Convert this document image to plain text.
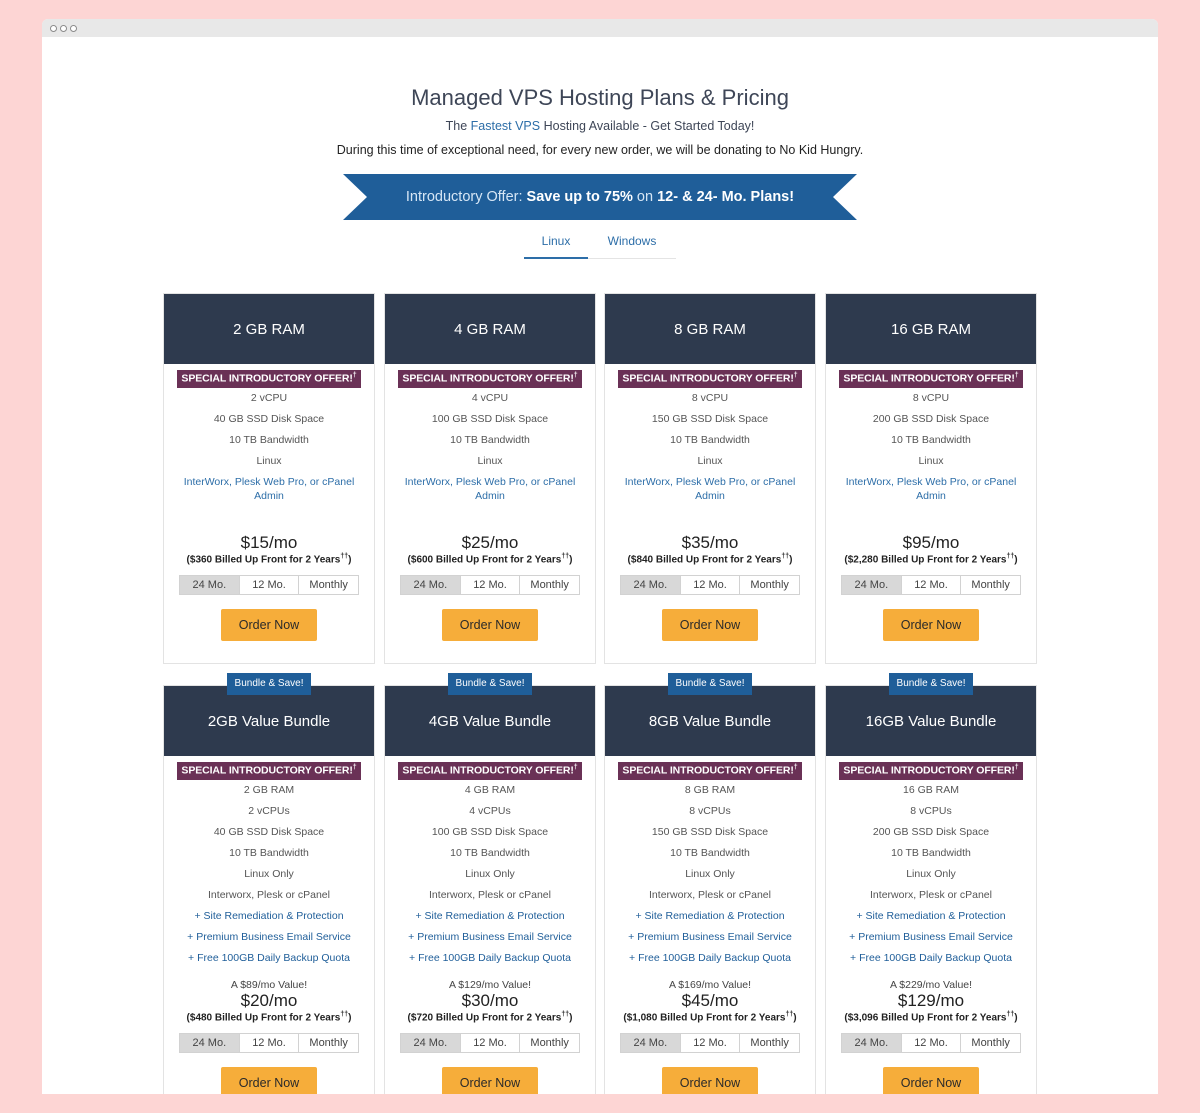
Managed VPS Hosting Plans & Pricing
The Fastest VPS Hosting Available - Get Started Today!
During this time of exceptional need, for every new order, we will be donating to No Kid Hungry.
Introductory Offer: Save up to 75% on 12- & 24- Mo. Plans!
Linux	Windows
2 GB RAM
SPECIAL INTRODUCTORY OFFER!†
2 vCPU
40 GB SSD Disk Space
10 TB Bandwidth
Linux
InterWorx, Plesk Web Pro, or cPanel Admin
$15/mo
($360 Billed Up Front for 2 Years††)
24 Mo.	12 Mo.	Monthly
Order Now
4 GB RAM
SPECIAL INTRODUCTORY OFFER!†
4 vCPU
100 GB SSD Disk Space
10 TB Bandwidth
Linux
InterWorx, Plesk Web Pro, or cPanel Admin
$25/mo
($600 Billed Up Front for 2 Years††)
24 Mo.	12 Mo.	Monthly
Order Now
8 GB RAM
SPECIAL INTRODUCTORY OFFER!†
8 vCPU
150 GB SSD Disk Space
10 TB Bandwidth
Linux
InterWorx, Plesk Web Pro, or cPanel Admin
$35/mo
($840 Billed Up Front for 2 Years††)
24 Mo.	12 Mo.	Monthly
Order Now
16 GB RAM
SPECIAL INTRODUCTORY OFFER!†
8 vCPU
200 GB SSD Disk Space
10 TB Bandwidth
Linux
InterWorx, Plesk Web Pro, or cPanel Admin
$95/mo
($2,280 Billed Up Front for 2 Years††)
24 Mo.	12 Mo.	Monthly
Order Now
2GB Value Bundle
SPECIAL INTRODUCTORY OFFER!†
2 GB RAM
2 vCPUs
40 GB SSD Disk Space
10 TB Bandwidth
Linux Only
Interworx, Plesk or cPanel
+ Site Remediation & Protection
+ Premium Business Email Service
+ Free 100GB Daily Backup Quota
A $89/mo Value!
$20/mo
($480 Billed Up Front for 2 Years††)
24 Mo.	12 Mo.	Monthly
Order Now
Bundle & Save!
4GB Value Bundle
SPECIAL INTRODUCTORY OFFER!†
4 GB RAM
4 vCPUs
100 GB SSD Disk Space
10 TB Bandwidth
Linux Only
Interworx, Plesk or cPanel
+ Site Remediation & Protection
+ Premium Business Email Service
+ Free 100GB Daily Backup Quota
A $129/mo Value!
$30/mo
($720 Billed Up Front for 2 Years††)
24 Mo.	12 Mo.	Monthly
Order Now
Bundle & Save!
8GB Value Bundle
SPECIAL INTRODUCTORY OFFER!†
8 GB RAM
8 vCPUs
150 GB SSD Disk Space
10 TB Bandwidth
Linux Only
Interworx, Plesk or cPanel
+ Site Remediation & Protection
+ Premium Business Email Service
+ Free 100GB Daily Backup Quota
A $169/mo Value!
$45/mo
($1,080 Billed Up Front for 2 Years††)
24 Mo.	12 Mo.	Monthly
Order Now
Bundle & Save!
16GB Value Bundle
SPECIAL INTRODUCTORY OFFER!†
16 GB RAM
8 vCPUs
200 GB SSD Disk Space
10 TB Bandwidth
Linux Only
Interworx, Plesk or cPanel
+ Site Remediation & Protection
+ Premium Business Email Service
+ Free 100GB Daily Backup Quota
A $229/mo Value!
$129/mo
($3,096 Billed Up Front for 2 Years††)
24 Mo.	12 Mo.	Monthly
Order Now
Bundle & Save!
